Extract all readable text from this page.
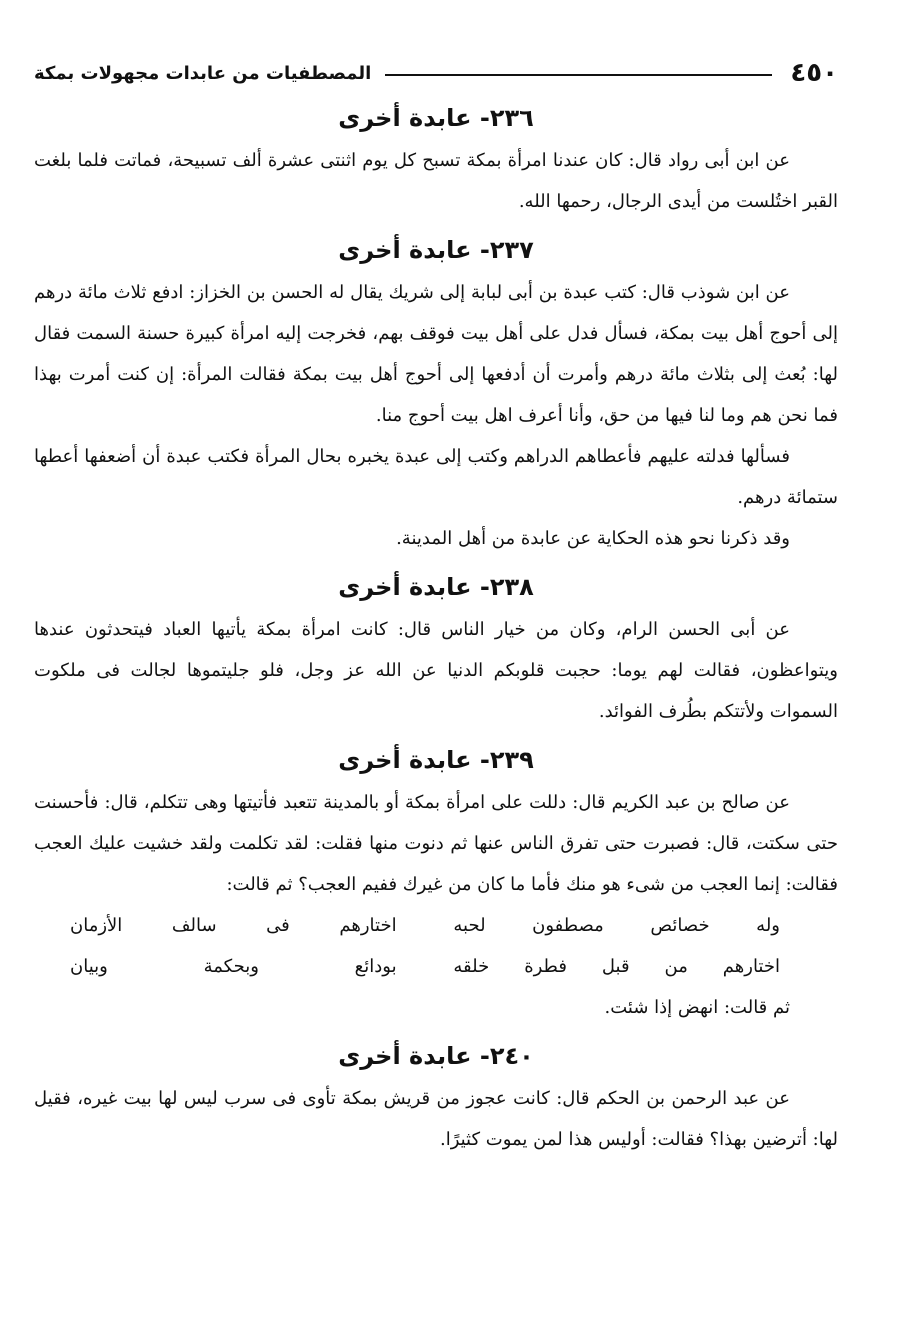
٤٥٠
المصطفيات من عابدات مجهولات بمكة
٢٣٦- عابدة أخرى

عن ابن أبى رواد قال: كان عندنا امرأة بمكة تسبح كل يوم اثنتى عشرة ألف تسبيحة، فماتت فلما بلغت القبر اختُلست من أيدى الرجال، رحمها الله.

٢٣٧- عابدة أخرى

عن ابن شوذب قال: كتب عبدة بن أبى لبابة إلى شريك يقال له الحسن بن الخزاز: ادفع ثلاث مائة درهم إلى أحوج أهل بيت بمكة، فسأل فدل على أهل بيت فوقف بهم، فخرجت إليه امرأة كبيرة حسنة السمت فقال لها: بُعث إلى بثلاث مائة درهم وأمرت أن أدفعها إلى أحوج أهل بيت بمكة فقالت المرأة: إن كنت أمرت بهذا فما نحن هم وما لنا فيها من حق، وأنا أعرف اهل بيت أحوج منا.

فسألها فدلته عليهم فأعطاهم الدراهم وكتب إلى عبدة يخبره بحال المرأة فكتب عبدة أن أضعفها أعطها ستمائة درهم.

وقد ذكرنا نحو هذه الحكاية عن عابدة من أهل المدينة.

٢٣٨- عابدة أخرى

عن أبى الحسن الرام، وكان من خيار الناس قال: كانت امرأة بمكة يأتيها العباد فيتحدثون عندها ويتواعظون، فقالت لهم يوما: حجبت قلوبكم الدنيا عن الله عز وجل، فلو جليتموها لجالت فى ملكوت السموات ولأتتكم بطُرف الفوائد.

٢٣٩- عابدة أخرى

عن صالح بن عبد الكريم قال: دللت على امرأة بمكة أو بالمدينة تتعبد فأتيتها وهى تتكلم، قال: فأحسنت حتى سكتت، قال: فصبرت حتى تفرق الناس عنها ثم دنوت منها فقلت: لقد تكلمت ولقد خشيت عليك العجب فقالت: إنما العجب من شىء هو منك فأما ما كان من غيرك ففيم العجب؟ ثم قالت:

وله خصائص مصطفون لحبه
اختارهم فى سالف الأزمان
اختارهم من قبل فطرة خلقه
بودائع وبحكمة وبيان

ثم قالت: انهض إذا شئت.

٢٤٠- عابدة أخرى

عن عبد الرحمن بن الحكم قال: كانت عجوز من قريش بمكة تأوى فى سرب ليس لها بيت غيره، فقيل لها: أترضين بهذا؟ فقالت: أوليس هذا لمن يموت كثيرًا.
